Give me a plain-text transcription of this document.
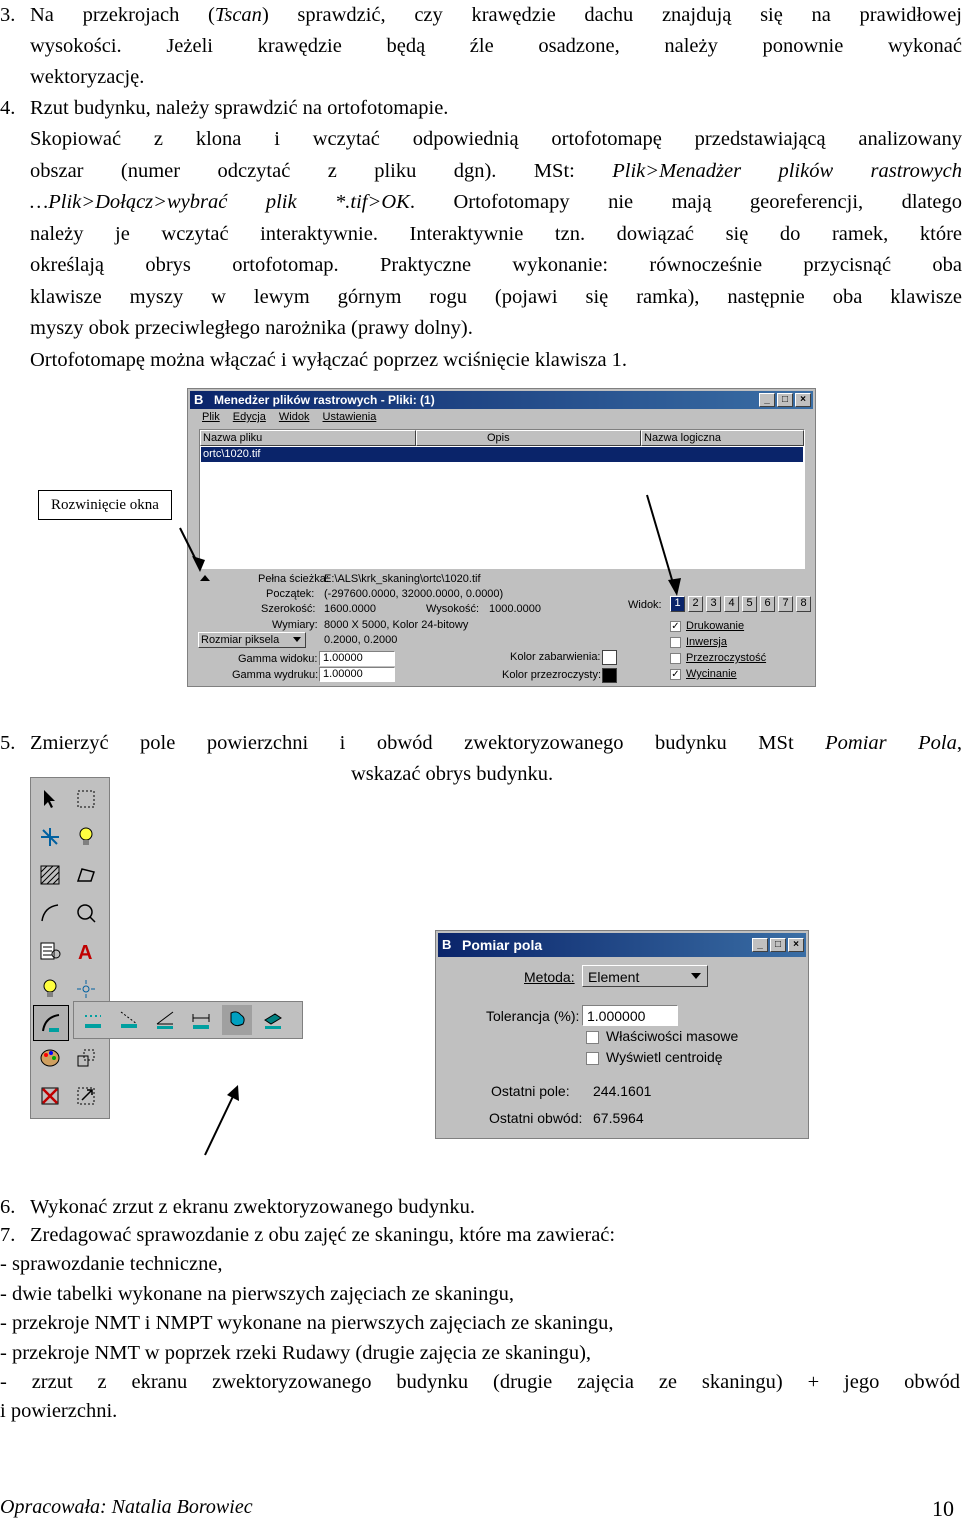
3. Na przekrojach (Tscan) sprawdzić, czy krawędzie dachu znajdują się na prawidłowej
wysokości. Jeżeli krawędzie będą źle osadzone, należy ponownie wykonać
wektoryzację.
4. Rzut budynku, należy sprawdzić na ortofotomapie.
Skopiować z klona i wczytać odpowiednią ortofotomapę przedstawiającą analizowany
obszar (numer odczytać z pliku dgn). MSt: Plik>Menadżer plików rastrowych
…Plik>Dołącz>wybrać plik *.tif>OK. Ortofotomapy nie mają georeferencji, dlatego
należy je wczytać interaktywnie. Interaktywnie tzn. dowiązać się do ramek, które
określają obrys ortofotomap. Praktyczne wykonanie: równocześnie przycisnąć oba
klawisze myszy w lewym górnym rogu (pojawi się ramka), następnie oba klawisze
myszy obok przeciwległego narożnika (prawy dolny).
Ortofotomapę można włączać i wyłączać poprzez wciśnięcie klawisza 1.
B Menedżer plików rastrowych - Pliki: (1)	_	□	×
Plik Edycja Widok Ustawienia
Nazwa pliku	Opis	Nazwa logiczna
ortc\1020.tif
Pełna ścieżka:
E:\ALS\krk_skaning\ortc\1020.tif
Początek: (-297600.0000, 32000.0000, 0.0000)
Szerokość: 1600.0000	Wysokość: 1000.0000
Wymiary: 8000 X 5000, Kolor 24-bitowy
Rozmiar piksela	0.2000, 0.2000
Gamma widoku: 1.00000
Gamma wydruku: 1.00000
Kolor zabarwienia:
Kolor przezroczysty:
Widok:	1	2	3	4	5	6	7	8
✓ Drukowanie
Inwersja
Przezroczystość
✓ Wycinanie
Rozwinięcie okna
5. Zmierzyć pole powierzchni i obwód zwektoryzowanego budynku MSt Pomiar Pola,
wskazać obrys budynku.
A	B Pomiar pola	_	□	×
Metoda: Element
Tolerancja (%): 1.000000
Właściwości masowe
Wyświetl centroidę
Ostatni pole: 244.1601
Ostatni obwód: 67.5964
6. Wykonać zrzut z ekranu zwektoryzowanego budynku.
7. Zredagować sprawozdanie z obu zajęć ze skaningu, które ma zawierać:
- sprawozdanie techniczne,
- dwie tabelki wykonane na pierwszych zajęciach ze skaningu,
- przekroje NMT i NMPT wykonane na pierwszych zajęciach ze skaningu,
- przekroje NMT w poprzek rzeki Rudawy (drugie zajęcia ze skaningu),
- zrzut z ekranu zwektoryzowanego budynku (drugie zajęcia ze skaningu) + jego obwód
i powierzchni.
Opracowała: Natalia Borowiec	10
